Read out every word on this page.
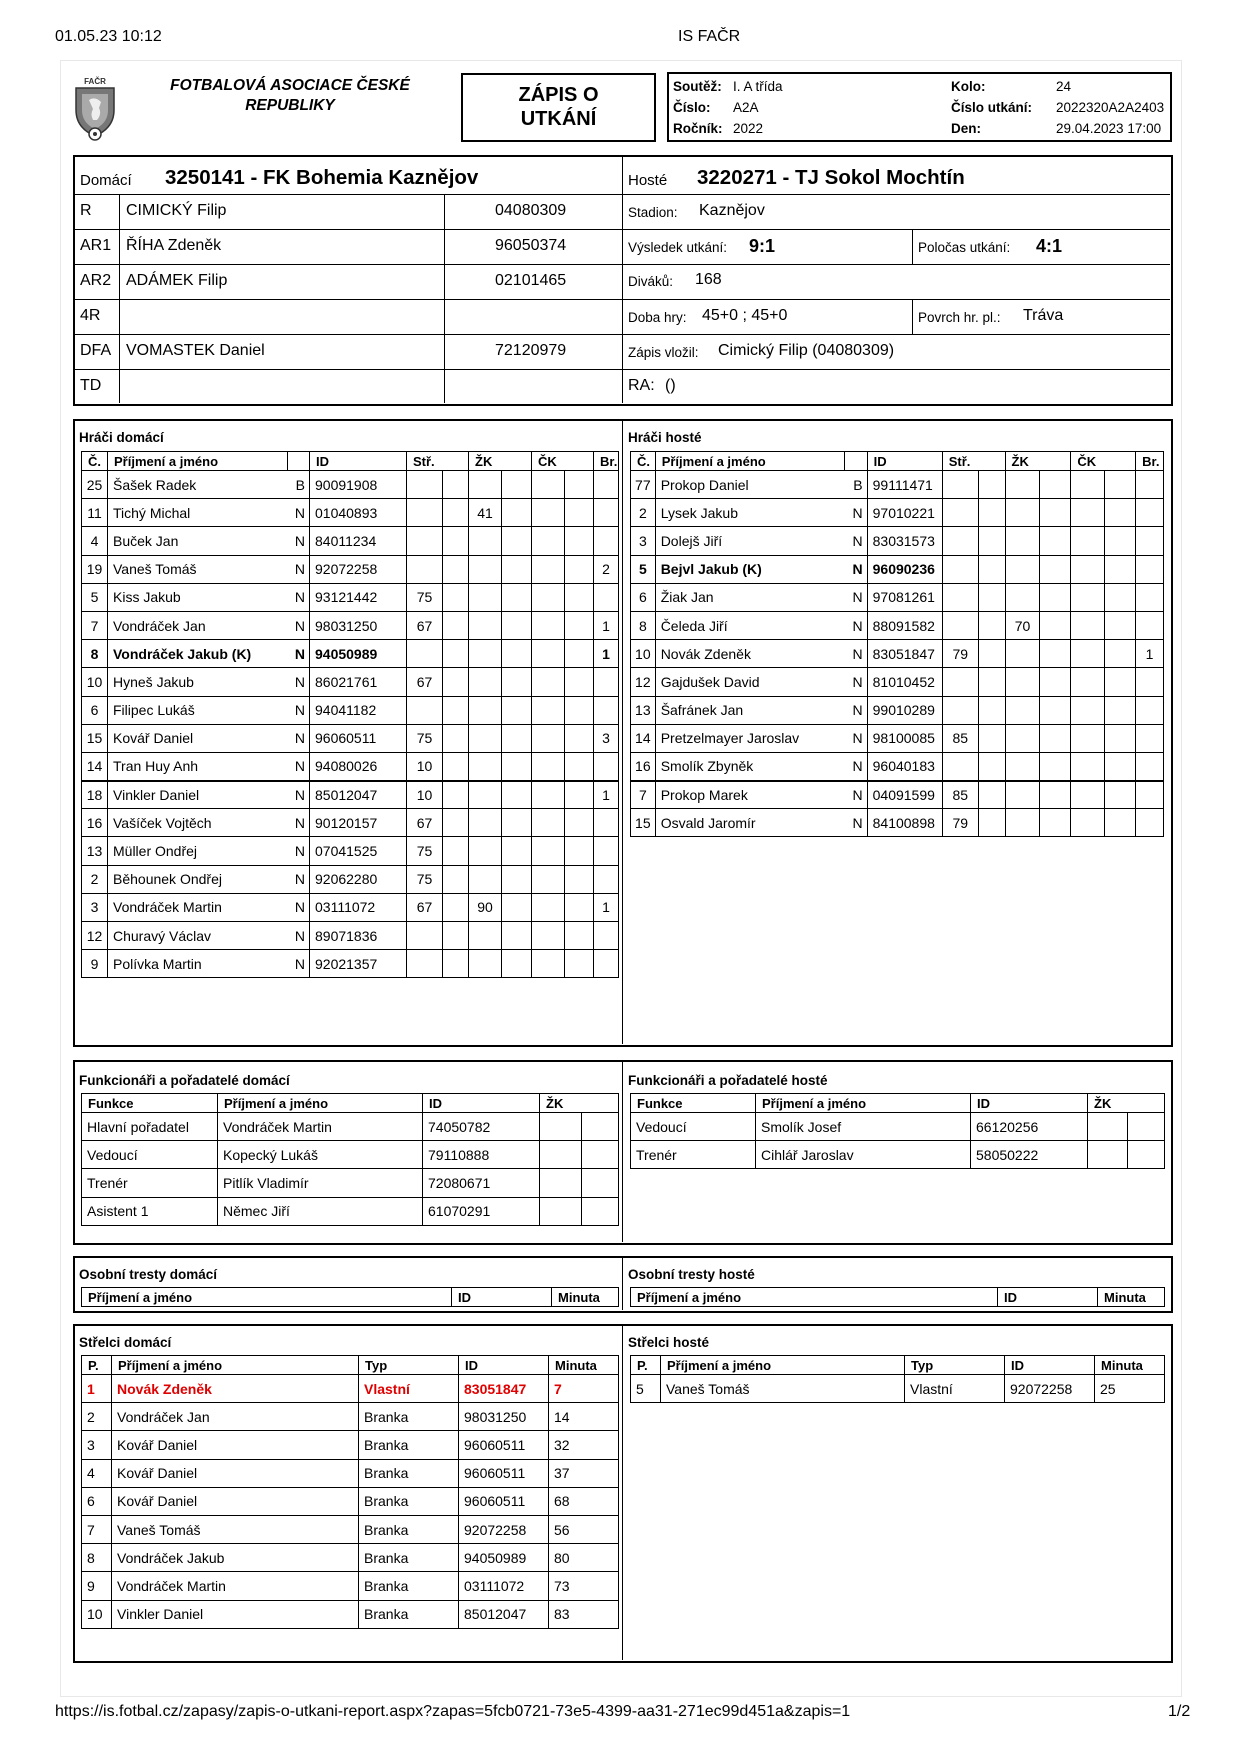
01.05.23 10:12	IS FAČR
https://is.fotbal.cz/zapasy/zapis-o-utkani-report.aspx?zapas=5fcb0721-73e5-4399-aa31-271ec99d451a&zapis=1	1/2
FAČR	FOTBALOVÁ ASOCIACE ČESKÉ REPUBLIKY	ZÁPIS O
UTKÁNÍ
Soutěž: I. A třída
Číslo: A2A
Ročník: 2022
Kolo:	24
Číslo utkání: 2022320A2A2403
Den:	29.04.2023 17:00
Domácí 3250141 - FK Bohemia Kaznějov	Hosté 3220271 - TJ Sokol Mochtín
R CIMICKÝ Filip	04080309
AR1 ŘÍHA Zdeněk	96050374
AR2 ADÁMEK Filip	02101465
4R
DFA VOMASTEK Daniel	72120979
TD
Stadion: Kaznějov
Výsledek utkání: 9:1	Poločas utkání: 4:1
Diváků: 168
Doba hry: 45+0 ; 45+0	Povrch hr. pl.: Tráva
Zápis vložil: Cimický Filip (04080309)
RA: ()
Hráči domácí	Hráči hosté
Č.	Příjmení a jméno		ID	Stř.		ŽK		ČK		Br.
25	Šašek Radek	B	90091908							
11	Tichý Michal	N	01040893			41				
4	Buček Jan	N	84011234							
19	Vaneš Tomáš	N	92072258							2
5	Kiss Jakub	N	93121442	75						
7	Vondráček Jan	N	98031250	67						1
8	Vondráček Jakub (K)	N	94050989							1
10	Hyneš Jakub	N	86021761	67						
6	Filipec Lukáš	N	94041182							
15	Kovář Daniel	N	96060511	75						3
14	Tran Huy Anh	N	94080026	10						
18	Vinkler Daniel	N	85012047	10						1
16	Vašíček Vojtěch	N	90120157	67						
13	Müller Ondřej	N	07041525	75						
2	Běhounek Ondřej	N	92062280	75						
3	Vondráček Martin	N	03111072	67		90				1
12	Churavý Václav	N	89071836							
9	Polívka Martin	N	92021357							
Č.	Příjmení a jméno		ID	Stř.		ŽK		ČK		Br.
77	Prokop Daniel	B	99111471							
2	Lysek Jakub	N	97010221							
3	Dolejš Jiří	N	83031573							
5	Bejvl Jakub (K)	N	96090236							
6	Žiak Jan	N	97081261							
8	Čeleda Jiří	N	88091582			70				
10	Novák Zdeněk	N	83051847	79						1
12	Gajdušek David	N	81010452							
13	Šafránek Jan	N	99010289							
14	Pretzelmayer Jaroslav	N	98100085	85						
16	Smolík Zbyněk	N	96040183							
7	Prokop Marek	N	04091599	85						
15	Osvald Jaromír	N	84100898	79						
Funkcionáři a pořadatelé domácí	Funkcionáři a pořadatelé hosté
Funkce	Příjmení a jméno	ID	ŽK	
Hlavní pořadatel	Vondráček Martin	74050782		
Vedoucí	Kopecký Lukáš	79110888		
Trenér	Pitlík Vladimír	72080671		
Asistent 1	Němec Jiří	61070291		
Funkce	Příjmení a jméno	ID	ŽK	
Vedoucí	Smolík Josef	66120256		
Trenér	Cihlář Jaroslav	58050222		
Osobní tresty domácí	Osobní tresty hosté
Příjmení a jméno	ID	Minuta	Příjmení a jméno	ID	Minuta
Střelci domácí	Střelci hosté
P.	Příjmení a jméno	Typ	ID	Minuta
1	Novák Zdeněk	Vlastní	83051847	7
2	Vondráček Jan	Branka	98031250	14
3	Kovář Daniel	Branka	96060511	32
4	Kovář Daniel	Branka	96060511	37
6	Kovář Daniel	Branka	96060511	68
7	Vaneš Tomáš	Branka	92072258	56
8	Vondráček Jakub	Branka	94050989	80
9	Vondráček Martin	Branka	03111072	73
10	Vinkler Daniel	Branka	85012047	83
P.	Příjmení a jméno	Typ	ID	Minuta
5	Vaneš Tomáš	Vlastní	92072258	25
